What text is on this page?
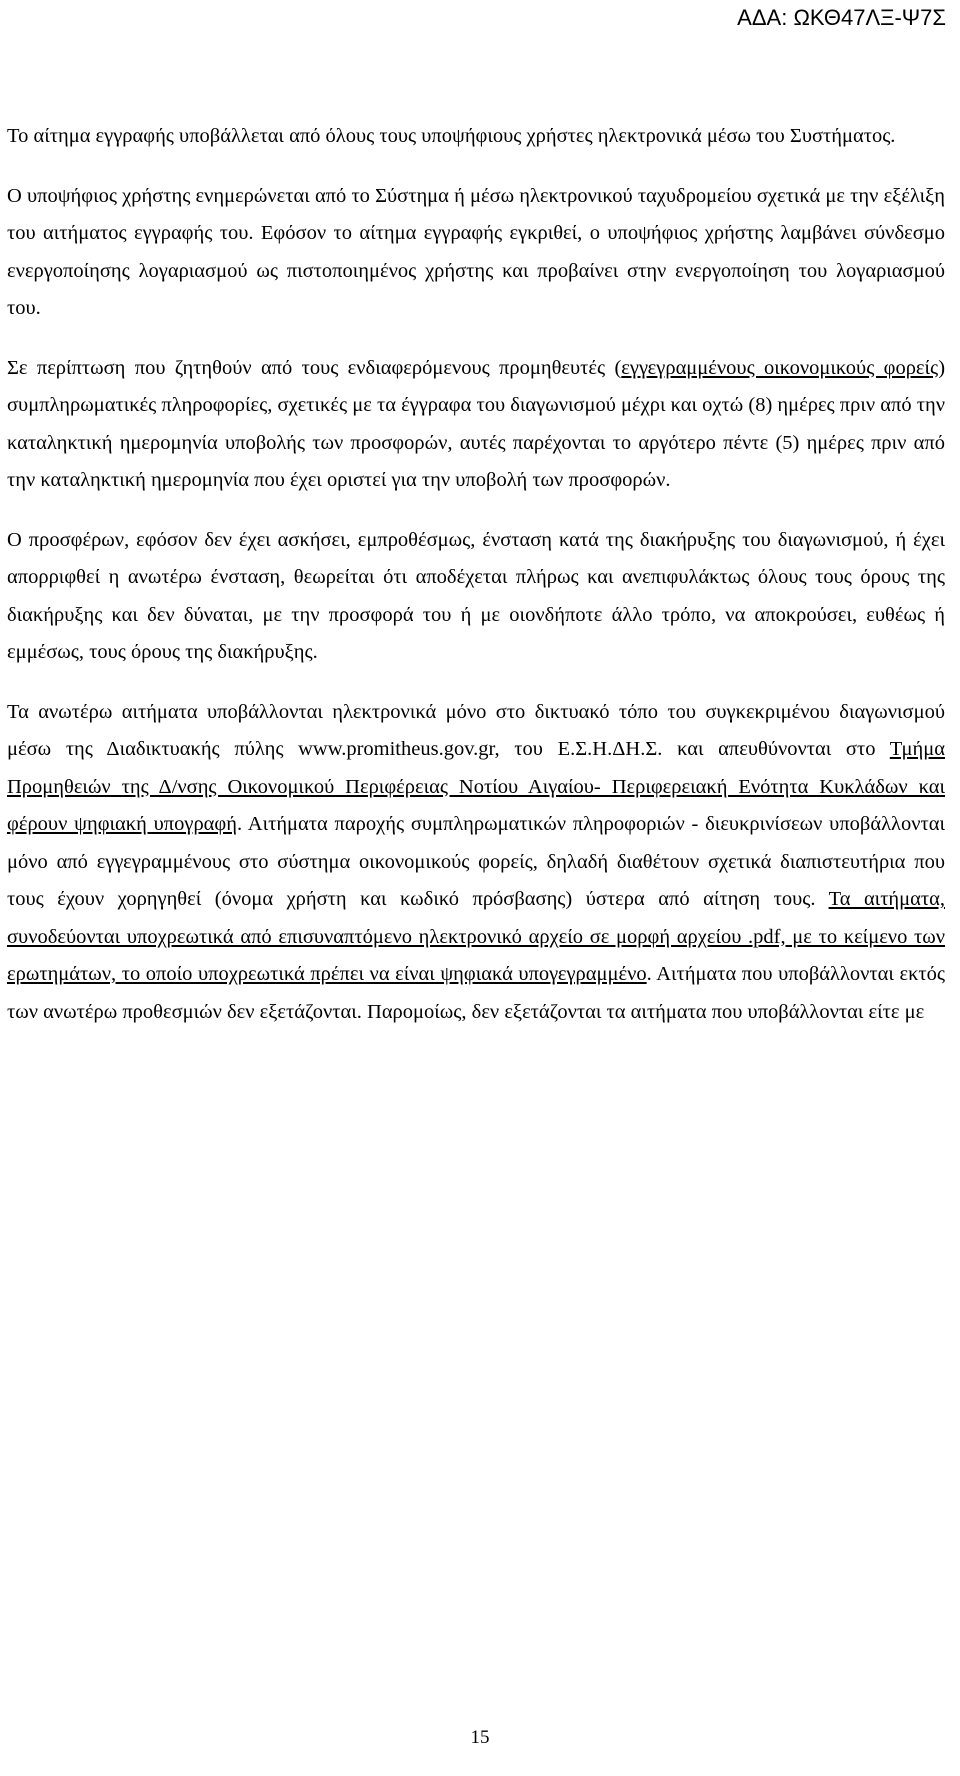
ΑΔΑ: ΩΚΘ47ΛΞ-Ψ7Σ

Το αίτημα εγγραφής υποβάλλεται από όλους τους υποψήφιους χρήστες ηλεκτρονικά μέσω του Συστήματος.

Ο υποψήφιος χρήστης ενημερώνεται από το Σύστημα ή μέσω ηλεκτρονικού ταχυδρομείου σχετικά με την εξέλιξη του αιτήματος εγγραφής του. Εφόσον το αίτημα εγγραφής εγκριθεί, ο υποψήφιος χρήστης λαμβάνει σύνδεσμο ενεργοποίησης λογαριασμού ως πιστοποιημένος χρήστης και προβαίνει στην ενεργοποίηση του λογαριασμού του.

Σε περίπτωση που ζητηθούν από τους ενδιαφερόμενους προμηθευτές (εγγεγραμμένους οικονομικούς φορείς) συμπληρωματικές πληροφορίες, σχετικές με τα έγγραφα του διαγωνισμού μέχρι και οχτώ (8) ημέρες πριν από την καταληκτική ημερομηνία υποβολής των προσφορών, αυτές παρέχονται το αργότερο πέντε (5) ημέρες πριν από την καταληκτική ημερομηνία που έχει οριστεί για την υποβολή των προσφορών.

Ο προσφέρων, εφόσον δεν έχει ασκήσει, εμπροθέσμως, ένσταση κατά της διακήρυξης του διαγωνισμού, ή έχει απορριφθεί η ανωτέρω ένσταση, θεωρείται ότι αποδέχεται πλήρως και ανεπιφυλάκτως όλους τους όρους της διακήρυξης και δεν δύναται, με την προσφορά του ή με οιονδήποτε άλλο τρόπο, να αποκρούσει, ευθέως ή εμμέσως, τους όρους της διακήρυξης.

Τα ανωτέρω αιτήματα υποβάλλονται ηλεκτρονικά μόνο στο δικτυακό τόπο του συγκεκριμένου διαγωνισμού μέσω της Διαδικτυακής πύλης www.promitheus.gov.gr, του Ε.Σ.Η.ΔΗ.Σ. και απευθύνονται στο Τμήμα Προμηθειών της Δ/νσης Οικονομικού Περιφέρειας Νοτίου Αιγαίου- Περιφερειακή Ενότητα Κυκλάδων και φέρουν ψηφιακή υπογραφή. Αιτήματα παροχής συμπληρωματικών πληροφοριών - διευκρινίσεων υποβάλλονται μόνο από εγγεγραμμένους στο σύστημα οικονομικούς φορείς, δηλαδή διαθέτουν σχετικά διαπιστευτήρια που τους έχουν χορηγηθεί (όνομα χρήστη και κωδικό πρόσβασης) ύστερα από αίτηση τους. Τα αιτήματα, συνοδεύονται υποχρεωτικά από επισυναπτόμενο ηλεκτρονικό αρχείο σε μορφή αρχείου .pdf, με το κείμενο των ερωτημάτων, το οποίο υποχρεωτικά πρέπει να είναι ψηφιακά υπογεγραμμένο. Αιτήματα που υποβάλλονται εκτός των ανωτέρω προθεσμιών δεν εξετάζονται. Παρομοίως, δεν εξετάζονται τα αιτήματα που υποβάλλονται είτε με

15
